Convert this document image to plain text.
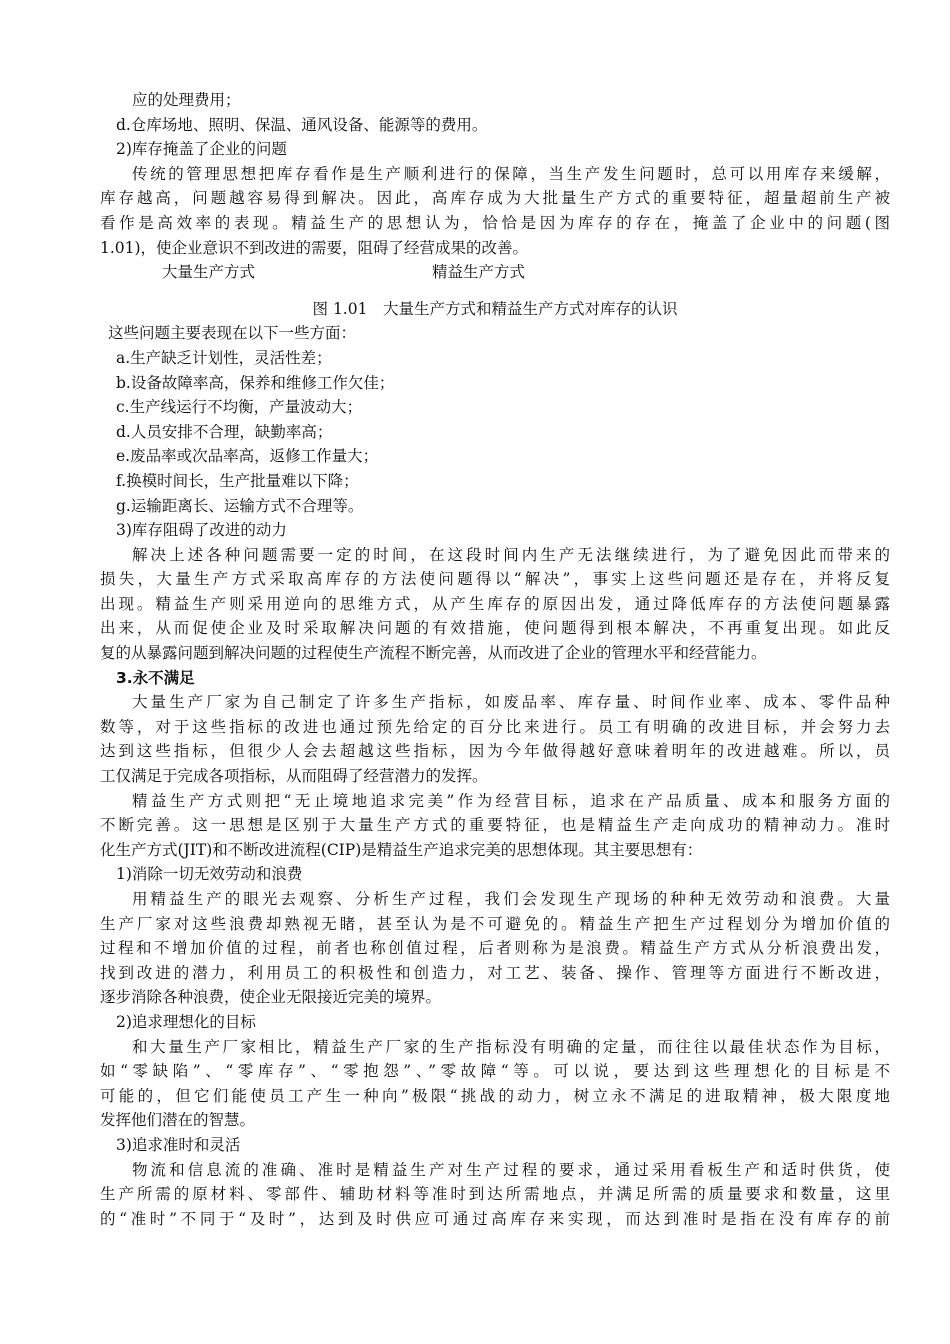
应的处理费用；
d.仓库场地、照明、保温、通风设备、能源等的费用。
2)库存掩盖了企业的问题
传统的管理思想把库存看作是生产顺利进行的保障，当生产发生问题时，总可以用库存来缓解，
库存越高，问题越容易得到解决。因此，高库存成为大批量生产方式的重要特征，超量超前生产被
看作是高效率的表现。精益生产的思想认为，恰恰是因为库存的存在，掩盖了企业中的问题(图
1.01)，使企业意识不到改进的需要，阻碍了经营成果的改善。
大量生产方式	精益生产方式
图 1.01　大量生产方式和精益生产方式对库存的认识
这些问题主要表现在以下一些方面：
a.生产缺乏计划性，灵活性差；
b.设备故障率高，保养和维修工作欠佳；
c.生产线运行不均衡，产量波动大；
d.人员安排不合理，缺勤率高；
e.废品率或次品率高，返修工作量大；
f.换模时间长，生产批量难以下降；
g.运输距离长、运输方式不合理等。
3)库存阻碍了改进的动力
解决上述各种问题需要一定的时间，在这段时间内生产无法继续进行，为了避免因此而带来的
损失，大量生产方式采取高库存的方法使问题得以“解决”，事实上这些问题还是存在，并将反复
出现。精益生产则采用逆向的思维方式，从产生库存的原因出发，通过降低库存的方法使问题暴露
出来，从而促使企业及时采取解决问题的有效措施，使问题得到根本解决，不再重复出现。如此反
复的从暴露问题到解决问题的过程使生产流程不断完善，从而改进了企业的管理水平和经营能力。
3.永不满足
大量生产厂家为自己制定了许多生产指标，如废品率、库存量、时间作业率、成本、零件品种
数等，对于这些指标的改进也通过预先给定的百分比来进行。员工有明确的改进目标，并会努力去
达到这些指标，但很少人会去超越这些指标，因为今年做得越好意味着明年的改进越难。所以，员
工仅满足于完成各项指标，从而阻碍了经营潜力的发挥。
精益生产方式则把“无止境地追求完美”作为经营目标，追求在产品质量、成本和服务方面的
不断完善。这一思想是区别于大量生产方式的重要特征，也是精益生产走向成功的精神动力。准时
化生产方式(JIT)和不断改进流程(CIP)是精益生产追求完美的思想体现。其主要思想有：
1)消除一切无效劳动和浪费
用精益生产的眼光去观察、分析生产过程，我们会发现生产现场的种种无效劳动和浪费。大量
生产厂家对这些浪费却熟视无睹，甚至认为是不可避免的。精益生产把生产过程划分为增加价值的
过程和不增加价值的过程，前者也称创值过程，后者则称为是浪费。精益生产方式从分析浪费出发，
找到改进的潜力，利用员工的积极性和创造力，对工艺、装备、操作、管理等方面进行不断改进，
逐步消除各种浪费，使企业无限接近完美的境界。
2)追求理想化的目标
和大量生产厂家相比，精益生产厂家的生产指标没有明确的定量，而往往以最佳状态作为目标，
如“零缺陷”、“零库存”、“零抱怨”、”零故障“等。可以说，要达到这些理想化的目标是不
可能的，但它们能使员工产生一种向”极限“挑战的动力，树立永不满足的进取精神，极大限度地
发挥他们潜在的智慧。
3)追求准时和灵活
物流和信息流的准确、准时是精益生产对生产过程的要求，通过采用看板生产和适时供货，使
生产所需的原材料、零部件、辅助材料等准时到达所需地点，并满足所需的质量要求和数量，这里
的“准时”不同于“及时”，达到及时供应可通过高库存来实现，而达到准时是指在没有库存的前
